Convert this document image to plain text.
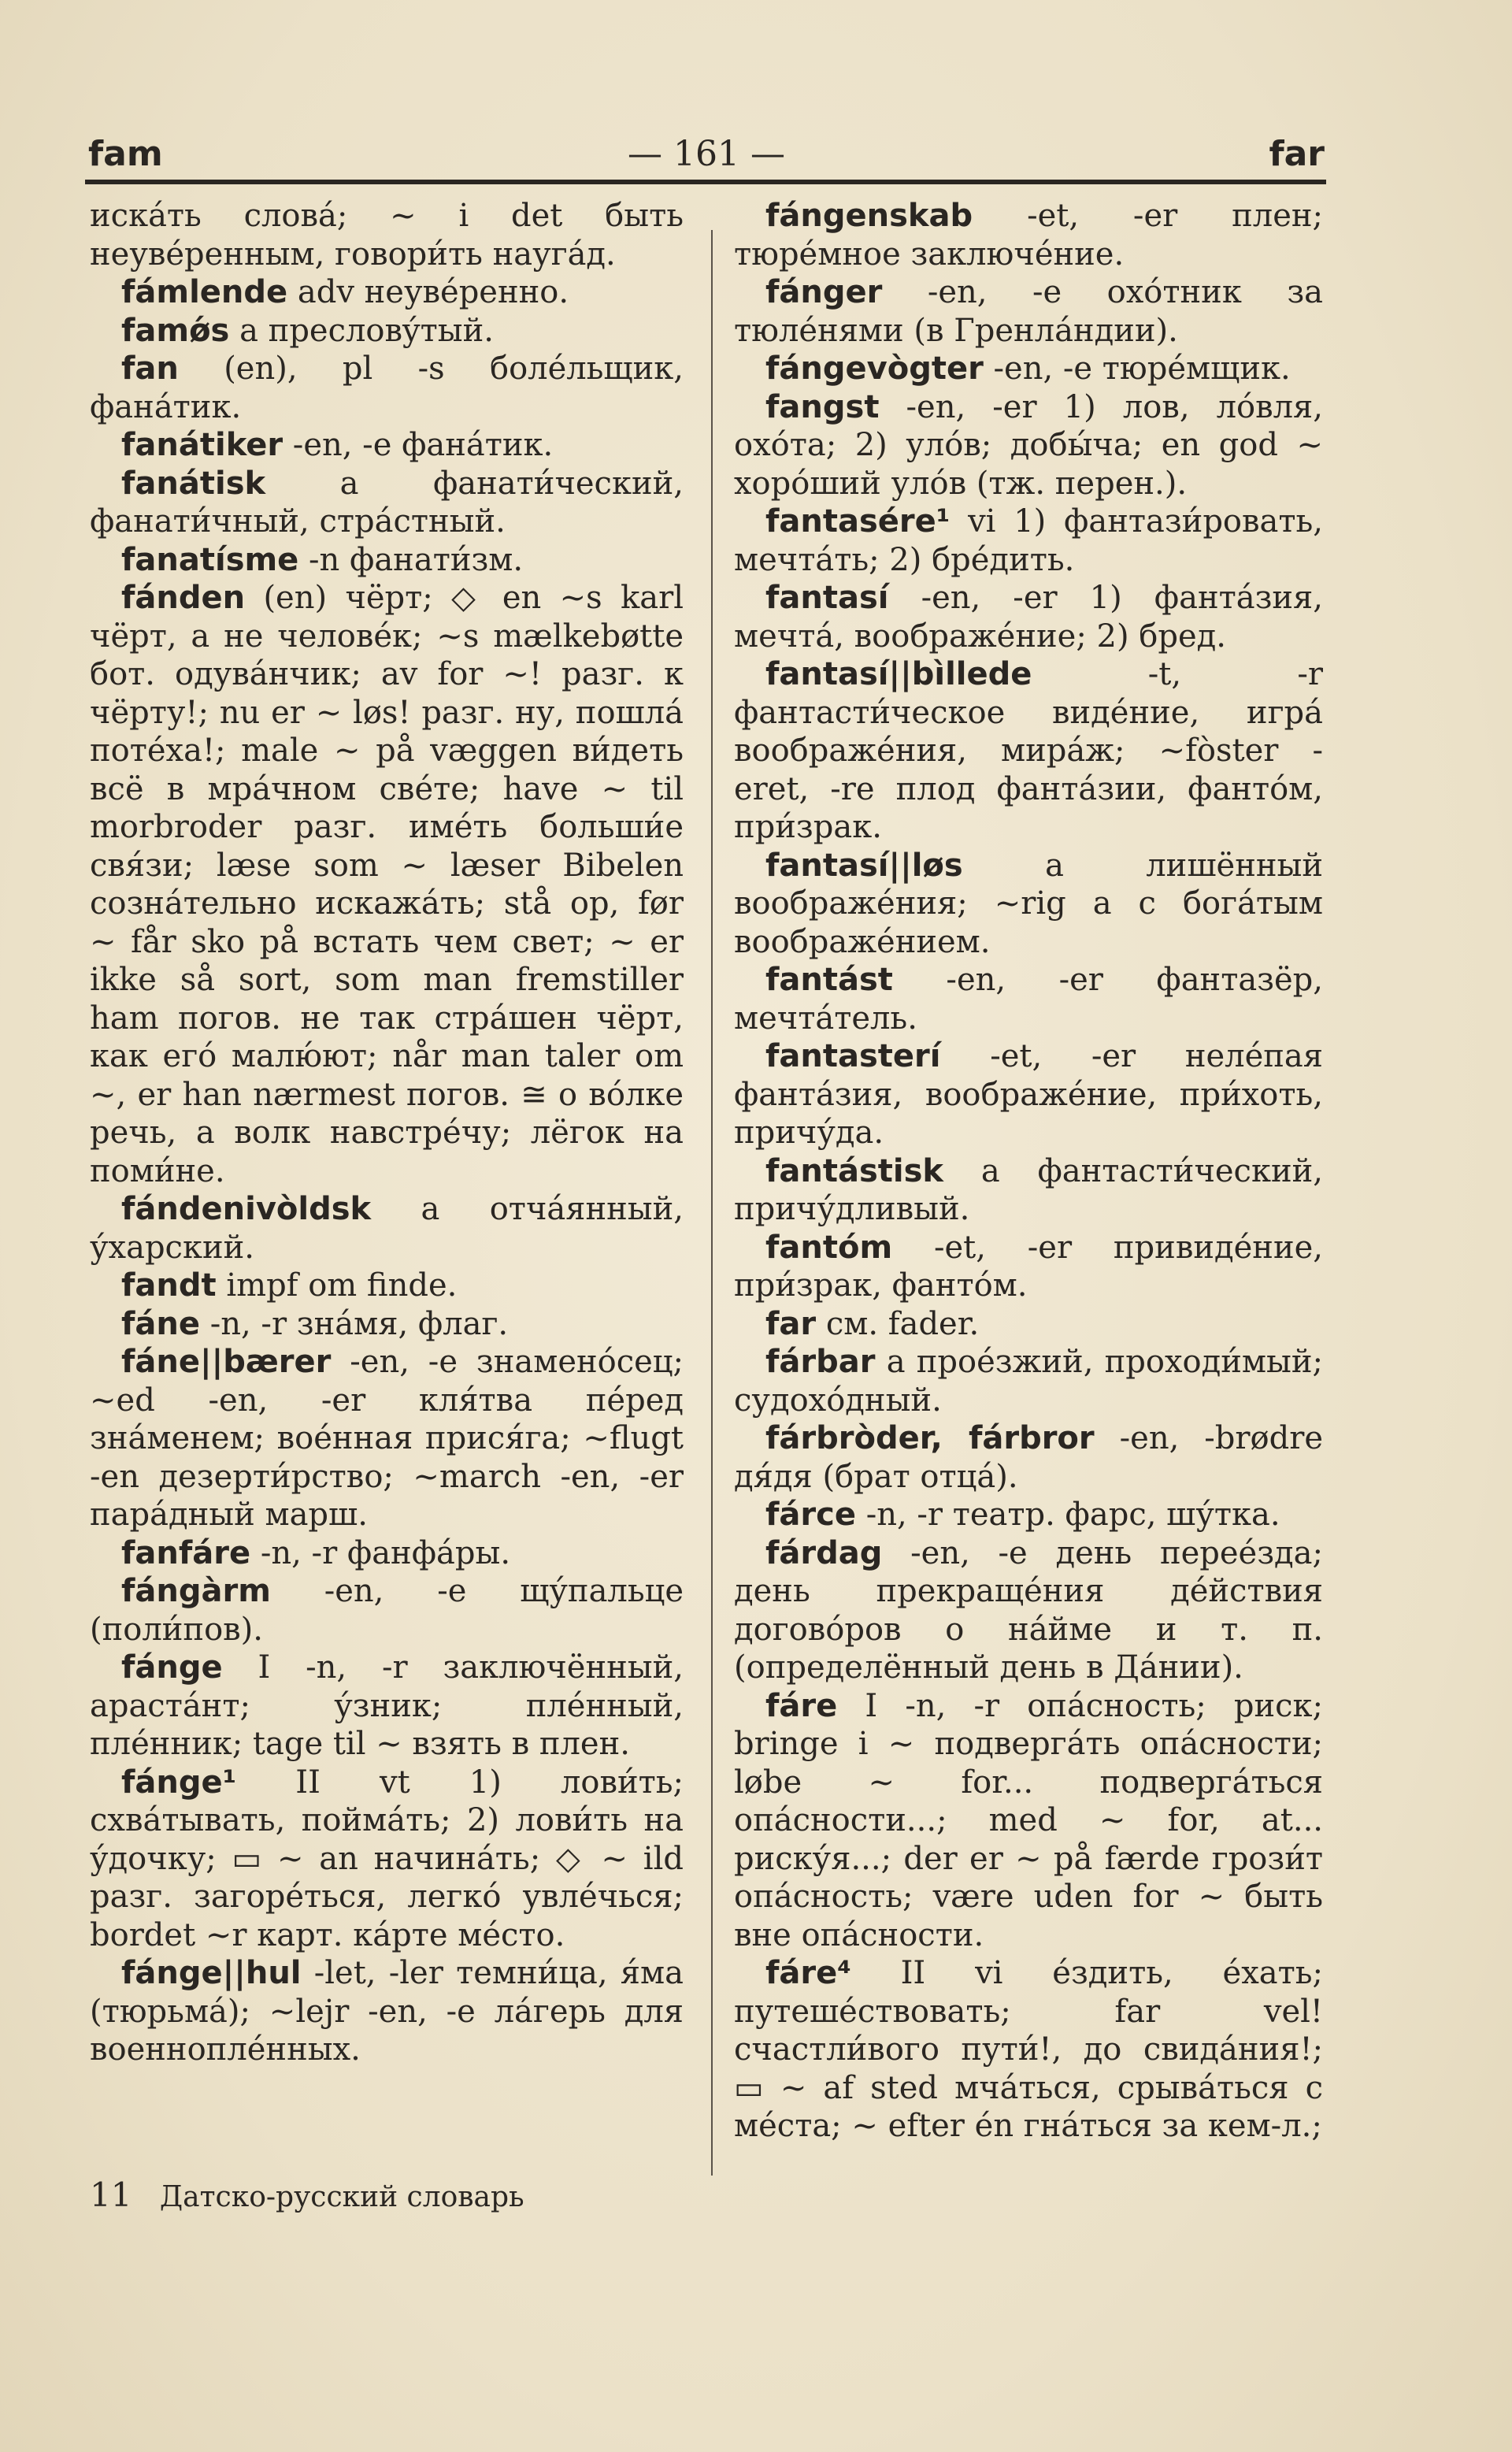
fam	— 161 —	far

иска́ть слова́; ~ i det быть неуве́ренным, говори́ть науга́д.

fа́mlende adv неуве́ренно.

famǿs a пресловýтый.

fan (en), pl -s боле́льщик, фана́тик.

fanа́tiker -en, -e фана́тик.

fanа́tisk a фанати́ческий, фанати́чный, стра́стный.

fanatísme -n фанати́зм.

fа́nden (en) чёрт; ◇ en ~s karl чёрт, а не челове́к; ~s mælkebøtte бот. одува́нчик; av for ~! разг. к чёрту!; nu er ~ løs! разг. ну, пошла́ потéха!; male ~ på væggen ви́деть всё в мра́чном све́те; have ~ til morbroder разг. име́ть больши́е свя́зи; læse som ~ læser Bibelen созна́тельно искажа́ть; stå op, før ~ får sko på встать чем свет; ~ er ikke så sort, som man fremstiller ham погов. не так стра́шен чёрт, как его́ малю́ют; når man taler om ~, er han nærmest погов. ≅ о во́лке речь, а волк навстре́чу; лёгок на поми́не.

fа́ndenivòldsk a отча́янный, у́харский.

fandt impf om finde.

fа́ne -n, -r зна́мя, флаг.

fа́ne||bærer -en, -e знамено́сец; ~ed -en, -er кля́тва пе́ред зна́менем; вое́нная прися́га; ~flugt -en дезерти́рство; ~march -en, -er пара́дный марш.

fanfа́re -n, -r фанфа́ры.

fа́ngàrm -en, -e щу́пальце (поли́пов).

fа́nge I -n, -r заключённый, араста́нт; у́зник; пле́нный, пле́нник; tage til ~ взять в плен.

fа́nge¹ II vt 1) лови́ть; схва́тывать, пойма́ть; 2) лови́ть на у́дочку; ▭ ~ an начина́ть; ◇ ~ ild разг. загоре́ться, легко́ увле́чься; bordet ~r карт. ка́рте ме́сто.

fа́nge||hul -let, -ler темни́ца, я́ма (тюрьма́); ~lejr -en, -e ла́герь для военнопле́нных.

fа́ngenskab -et, -er плен; тюре́мное заключе́ние.

fа́nger -en, -e охо́тник за тюле́нями (в Гренла́ндии).

fа́ngevògter -en, -e тюре́мщик.

fangst -en, -er 1) лов, ло́вля, охо́та; 2) уло́в; добы́ча; en god ~ хоро́ший уло́в (тж. перен.).

fantasére¹ vi 1) фантази́ровать, мечта́ть; 2) бре́дить.

fantasí -en, -er 1) фанта́зия, мечта́, воображе́ние; 2) бред.

fantasí||bìllede	-t, -r фантасти́ческое виде́ние, игра́ воображе́ния, мира́ж; ~fòster -eret, -re плод фанта́зии, фанто́м, при́зрак.

fantasí||løs	a лишённый воображе́ния; ~rig a с бога́тым воображе́нием.

fantа́st -en, -er фантазёр, мечта́тель.

fantasterí -et, -er неле́пая фанта́зия, воображе́ние, при́хоть, причу́да.

fantа́stisk a фантасти́ческий, причу́дливый.

fantóm -et, -er привиде́ние, при́зрак, фанто́м.

far см. fader.

fа́rbar a прое́зжий, проходи́мый; судохо́дный.

fа́rbròder, fа́rbror -en, -brødre дя́дя (брат отца́).

fа́rce -n, -r театр. фарс, шу́тка.

fа́rdag -en, -e день перее́зда; день прекраще́ния де́йствия догово́ров о на́йме и т. п. (определённый день в Да́нии).

fа́re I -n, -r опа́сность; риск; bringe i ~ подверга́ть опа́сности; løbe ~ for... подверга́ться опа́сности...; med ~ for, at... риску́я...; der er ~ på færde грози́т опа́сность; være uden for ~ быть вне опа́сности.

fа́re⁴ II vi е́здить, е́хать; путеше́ствовать; far vel! счастли́вого пути́!, до свида́ния!; ▭ ~ af sted мча́ться, срыва́ться с ме́ста; ~ efter én гна́ться за кем-л.;

11 Датско-русский словарь
